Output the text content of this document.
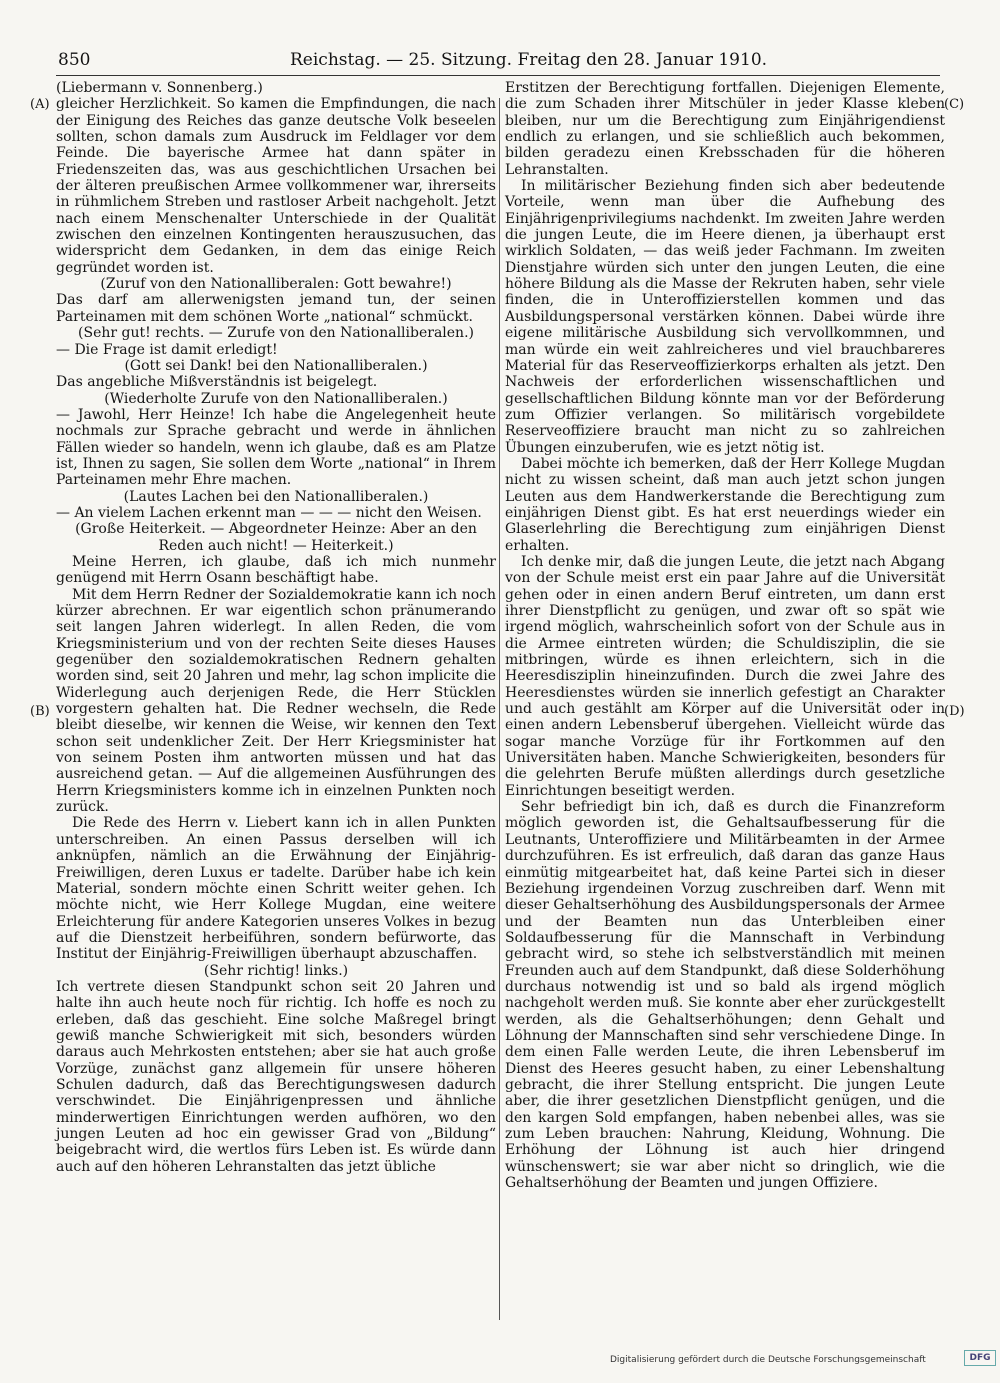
850	Reichstag. — 25. Sitzung. Freitag den 28. Januar 1910.
(A)
(B)
(C)
(D)

(Liebermann v. Sonnenberg.)

gleicher Herzlichkeit. So kamen die Empfindungen, die nach der Einigung des Reiches das ganze deutsche Volk beseelen sollten, schon damals zum Ausdruck im Feldlager vor dem Feinde. Die bayerische Armee hat dann später in Friedenszeiten das, was aus geschichtlichen Ursachen bei der älteren preußischen Armee vollkommener war, ihrerseits in rühmlichem Streben und rastloser Arbeit nachgeholt. Jetzt nach einem Menschenalter Unterschiede in der Qualität zwischen den einzelnen Kontingenten herauszusuchen, das widerspricht dem Gedanken, in dem das einige Reich gegründet worden ist.

(Zuruf von den Nationalliberalen: Gott bewahre!)

Das darf am allerwenigsten jemand tun, der seinen Parteinamen mit dem schönen Worte „national“ schmückt.

(Sehr gut! rechts. — Zurufe von den Nationalliberalen.)

— Die Frage ist damit erledigt!

(Gott sei Dank! bei den Nationalliberalen.)

Das angebliche Mißverständnis ist beigelegt.

(Wiederholte Zurufe von den Nationalliberalen.)

— Jawohl, Herr Heinze! Ich habe die Angelegenheit heute nochmals zur Sprache gebracht und werde in ähnlichen Fällen wieder so handeln, wenn ich glaube, daß es am Platze ist, Ihnen zu sagen, Sie sollen dem Worte „national“ in Ihrem Parteinamen mehr Ehre machen.

(Lautes Lachen bei den Nationalliberalen.)

— An vielem Lachen erkennt man — — — nicht den Weisen.

(Große Heiterkeit. — Abgeordneter Heinze: Aber an den Reden auch nicht! — Heiterkeit.)

Meine Herren, ich glaube, daß ich mich nunmehr genügend mit Herrn Osann beschäftigt habe.

Mit dem Herrn Redner der Sozialdemokratie kann ich noch kürzer abrechnen. Er war eigentlich schon pränumerando seit langen Jahren widerlegt. In allen Reden, die vom Kriegsministerium und von der rechten Seite dieses Hauses gegenüber den sozialdemokratischen Rednern gehalten worden sind, seit 20 Jahren und mehr, lag schon implicite die Widerlegung auch derjenigen Rede, die Herr Stücklen vorgestern gehalten hat. Die Redner wechseln, die Rede bleibt dieselbe, wir kennen die Weise, wir kennen den Text schon seit undenklicher Zeit. Der Herr Kriegsminister hat von seinem Posten ihm antworten müssen und hat das ausreichend getan. — Auf die allgemeinen Ausführungen des Herrn Kriegsministers komme ich in einzelnen Punkten noch zurück.

Die Rede des Herrn v. Liebert kann ich in allen Punkten unterschreiben. An einen Passus derselben will ich anknüpfen, nämlich an die Erwähnung der Einjährig-Freiwilligen, deren Luxus er tadelte. Darüber habe ich kein Material, sondern möchte einen Schritt weiter gehen. Ich möchte nicht, wie Herr Kollege Mugdan, eine weitere Erleichterung für andere Kategorien unseres Volkes in bezug auf die Dienstzeit herbeiführen, sondern befürworte, das Institut der Einjährig-Freiwilligen überhaupt abzuschaffen.

(Sehr richtig! links.)

Ich vertrete diesen Standpunkt schon seit 20 Jahren und halte ihn auch heute noch für richtig. Ich hoffe es noch zu erleben, daß das geschieht. Eine solche Maßregel bringt gewiß manche Schwierigkeit mit sich, besonders würden daraus auch Mehrkosten entstehen; aber sie hat auch große Vorzüge, zunächst ganz allgemein für unsere höheren Schulen dadurch, daß das Berechtigungswesen dadurch verschwindet. Die Einjährigenpressen und ähnliche minderwertigen Einrichtungen werden aufhören, wo den jungen Leuten ad hoc ein gewisser Grad von „Bildung“ beigebracht wird, die wertlos fürs Leben ist. Es würde dann auch auf den höheren Lehranstalten das jetzt übliche

Erstitzen der Berechtigung fortfallen. Diejenigen Elemente, die zum Schaden ihrer Mitschüler in jeder Klasse kleben bleiben, nur um die Berechtigung zum Einjährigendienst endlich zu erlangen, und sie schließlich auch bekommen, bilden geradezu einen Krebsschaden für die höheren Lehranstalten.

In militärischer Beziehung finden sich aber bedeutende Vorteile, wenn man über die Aufhebung des Einjährigenprivilegiums nachdenkt. Im zweiten Jahre werden die jungen Leute, die im Heere dienen, ja überhaupt erst wirklich Soldaten, — das weiß jeder Fachmann. Im zweiten Dienstjahre würden sich unter den jungen Leuten, die eine höhere Bildung als die Masse der Rekruten haben, sehr viele finden, die in Unteroffizierstellen kommen und das Ausbildungspersonal verstärken können. Dabei würde ihre eigene militärische Ausbildung sich vervollkommnen, und man würde ein weit zahlreicheres und viel brauchbareres Material für das Reserveoffizierkorps erhalten als jetzt. Den Nachweis der erforderlichen wissenschaftlichen und gesellschaftlichen Bildung könnte man vor der Beförderung zum Offizier verlangen. So militärisch vorgebildete Reserveoffiziere braucht man nicht zu so zahlreichen Übungen einzuberufen, wie es jetzt nötig ist.

Dabei möchte ich bemerken, daß der Herr Kollege Mugdan nicht zu wissen scheint, daß man auch jetzt schon jungen Leuten aus dem Handwerkerstande die Berechtigung zum einjährigen Dienst gibt. Es hat erst neuerdings wieder ein Glaserlehrling die Berechtigung zum einjährigen Dienst erhalten.

Ich denke mir, daß die jungen Leute, die jetzt nach Abgang von der Schule meist erst ein paar Jahre auf die Universität gehen oder in einen andern Beruf eintreten, um dann erst ihrer Dienstpflicht zu genügen, und zwar oft so spät wie irgend möglich, wahrscheinlich sofort von der Schule aus in die Armee eintreten würden; die Schuldisziplin, die sie mitbringen, würde es ihnen erleichtern, sich in die Heeresdisziplin hineinzufinden. Durch die zwei Jahre des Heeresdienstes würden sie innerlich gefestigt an Charakter und auch gestählt am Körper auf die Universität oder in einen andern Lebensberuf übergehen. Vielleicht würde das sogar manche Vorzüge für ihr Fortkommen auf den Universitäten haben. Manche Schwierigkeiten, besonders für die gelehrten Berufe müßten allerdings durch gesetzliche Einrichtungen beseitigt werden.

Sehr befriedigt bin ich, daß es durch die Finanzreform möglich geworden ist, die Gehaltsaufbesserung für die Leutnants, Unteroffiziere und Militärbeamten in der Armee durchzuführen. Es ist erfreulich, daß daran das ganze Haus einmütig mitgearbeitet hat, daß keine Partei sich in dieser Beziehung irgendeinen Vorzug zuschreiben darf. Wenn mit dieser Gehaltserhöhung des Ausbildungspersonals der Armee und der Beamten nun das Unterbleiben einer Soldaufbesserung für die Mannschaft in Verbindung gebracht wird, so stehe ich selbstverständlich mit meinen Freunden auch auf dem Standpunkt, daß diese Solderhöhung durchaus notwendig ist und so bald als irgend möglich nachgeholt werden muß. Sie konnte aber eher zurückgestellt werden, als die Gehaltserhöhungen; denn Gehalt und Löhnung der Mannschaften sind sehr verschiedene Dinge. In dem einen Falle werden Leute, die ihren Lebensberuf im Dienst des Heeres gesucht haben, zu einer Lebenshaltung gebracht, die ihrer Stellung entspricht. Die jungen Leute aber, die ihrer gesetzlichen Dienstpflicht genügen, und die den kargen Sold empfangen, haben nebenbei alles, was sie zum Leben brauchen: Nahrung, Kleidung, Wohnung. Die Erhöhung der Löhnung ist auch hier dringend wünschenswert; sie war aber nicht so dringlich, wie die Gehaltserhöhung der Beamten und jungen Offiziere.

Digitalisierung gefördert durch die Deutsche Forschungsgemeinschaft	DFG
